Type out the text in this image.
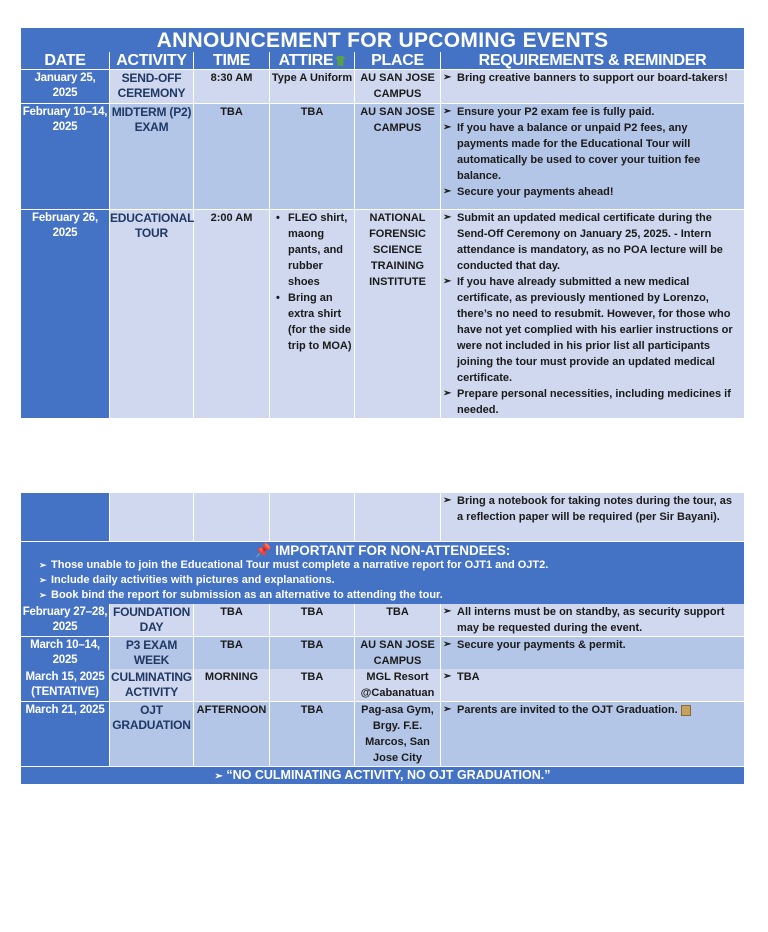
ANNOUNCEMENT FOR UPCOMING EVENTS
DATE	ACTIVITY	TIME	ATTIRE	PLACE	REQUIREMENTS & REMINDER
January 25, 2025
SEND-OFF CEREMONY
8:30 AM	Type A Uniform AU SAN JOSE CAMPUS
➢ Bring creative banners to support our board-takers!
February 10–14, 2025
MIDTERM (P2) EXAM
TBA	TBA	AU SAN JOSE CAMPUS
➢ Ensure your P2 exam fee is fully paid.
➢ If you have a balance or unpaid P2 fees, any payments made for the Educational Tour will automatically be used to cover your tuition fee balance.
➢ Secure your payments ahead!
February 26, 2025
EDUCATIONAL TOUR
2:00 AM
•	FLEO shirt, maong pants, and rubber shoes
• Bring an extra shirt (for the side trip to MOA)
NATIONAL FORENSIC SCIENCE TRAINING INSTITUTE
➢ Submit an updated medical certificate during the Send-Off Ceremony on January 25, 2025. - Intern attendance is mandatory, as no POA lecture will be conducted that day.
➢ If you have already submitted a new medical certificate, as previously mentioned by Lorenzo, there’s no need to resubmit. However, for those who have not yet complied with his earlier instructions or were not included in his prior list all participants joining the tour must provide an updated medical certificate.
➢ Prepare personal necessities, including medicines if needed.
➢ Bring a notebook for taking notes during the tour, as a reflection paper will be required (per Sir Bayani).
📌 IMPORTANT FOR NON-ATTENDEES:
➢ Those unable to join the Educational Tour must complete a narrative report for OJT1 and OJT2.
➢ Include daily activities with pictures and explanations.
➢ Book bind the report for submission as an alternative to attending the tour.
February 27–28, 2025
FOUNDATION DAY
TBA	TBA	TBA	➢ All interns must be on standby, as security support may be requested during the event.
March 10–14, 2025
P3 EXAM WEEK
TBA	TBA	AU SAN JOSE CAMPUS
➢ Secure your payments & permit.
March 15, 2025 (TENTATIVE)
CULMINATING ACTIVITY
MORNING	TBA	MGL Resort @Cabanatuan
➢ TBA
March 21, 2025	OJT GRADUATION
AFTERNOON	TBA	Pag-asa Gym, Brgy. F.E. Marcos, San Jose City
➢ Parents are invited to the OJT Graduation.
➢ “NO CULMINATING ACTIVITY, NO OJT GRADUATION.”
